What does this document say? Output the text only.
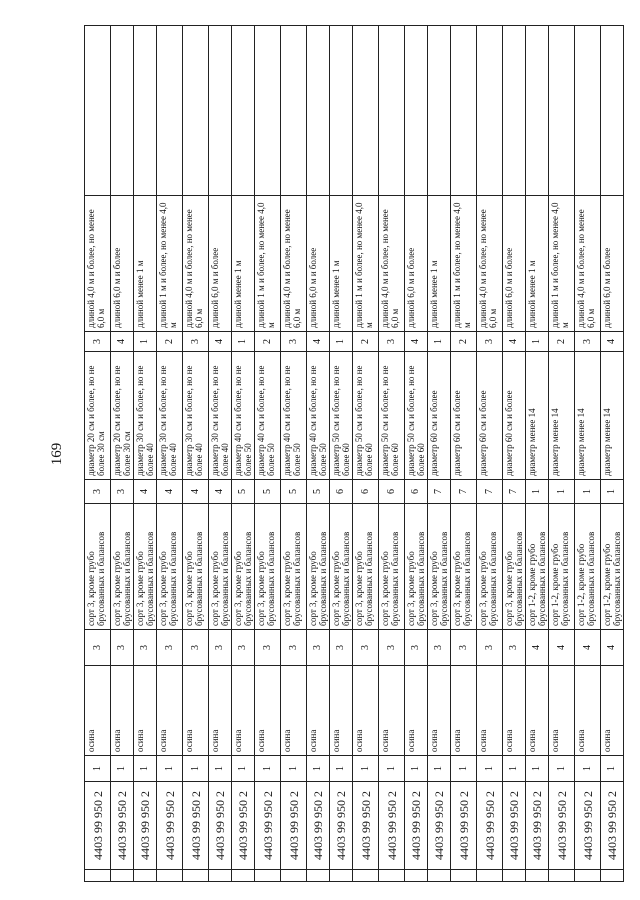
169
	4403 99 950 2	1	осина	3	сорт 3, кроме грубо брусованных и балансов	3	диаметр 20 см и более, но не более 30 см	3	длиной 4,0 м и более, но менее 6,0 м	
	4403 99 950 2	1	осина	3	сорт 3, кроме грубо брусованных и балансов	3	диаметр 20 см и более, но не более 30 см	4	длиной 6,0 м и более	
	4403 99 950 2	1	осина	3	сорт 3, кроме грубо брусованных и балансов	4	диаметр 30 см и более, но не более 40	1	длиной менее 1 м	
	4403 99 950 2	1	осина	3	сорт 3, кроме грубо брусованных и балансов	4	диаметр 30 см и более, но не более 40	2	длиной 1 м и более, но менее 4,0 м	
	4403 99 950 2	1	осина	3	сорт 3, кроме грубо брусованных и балансов	4	диаметр 30 см и более, но не более 40	3	длиной 4,0 м и более, но менее 6,0 м	
	4403 99 950 2	1	осина	3	сорт 3, кроме грубо брусованных и балансов	4	диаметр 30 см и более, но не более 40	4	длиной 6,0 м и более	
	4403 99 950 2	1	осина	3	сорт 3, кроме грубо брусованных и балансов	5	диаметр 40 см и более, но не более 50	1	длиной менее 1 м	
	4403 99 950 2	1	осина	3	сорт 3, кроме грубо брусованных и балансов	5	диаметр 40 см и более, но не более 50	2	длиной 1 м и более, но менее 4,0 м	
	4403 99 950 2	1	осина	3	сорт 3, кроме грубо брусованных и балансов	5	диаметр 40 см и более, но не более 50	3	длиной 4,0 м и более, но менее 6,0 м	
	4403 99 950 2	1	осина	3	сорт 3, кроме грубо брусованных и балансов	5	диаметр 40 см и более, но не более 50	4	длиной 6,0 м и более	
	4403 99 950 2	1	осина	3	сорт 3, кроме грубо брусованных и балансов	6	диаметр 50 см и более, но не более 60	1	длиной менее 1 м	
	4403 99 950 2	1	осина	3	сорт 3, кроме грубо брусованных и балансов	6	диаметр 50 см и более, но не более 60	2	длиной 1 м и более, но менее 4,0 м	
	4403 99 950 2	1	осина	3	сорт 3, кроме грубо брусованных и балансов	6	диаметр 50 см и более, но не более 60	3	длиной 4,0 м и более, но менее 6,0 м	
	4403 99 950 2	1	осина	3	сорт 3, кроме грубо брусованных и балансов	6	диаметр 50 см и более, но не более 60	4	длиной 6,0 м и более	
	4403 99 950 2	1	осина	3	сорт 3, кроме грубо брусованных и балансов	7	диаметр 60 см и более	1	длиной менее 1 м	
	4403 99 950 2	1	осина	3	сорт 3, кроме грубо брусованных и балансов	7	диаметр 60 см и более	2	длиной 1 м и более, но менее 4,0 м	
	4403 99 950 2	1	осина	3	сорт 3, кроме грубо брусованных и балансов	7	диаметр 60 см и более	3	длиной 4,0 м и более, но менее 6,0 м	
	4403 99 950 2	1	осина	3	сорт 3, кроме грубо брусованных и балансов	7	диаметр 60 см и более	4	длиной 6,0 м и более	
	4403 99 950 2	1	осина	4	сорт 1-2, кроме грубо брусованных и балансов	1	диаметр менее 14	1	длиной менее 1 м	
	4403 99 950 2	1	осина	4	сорт 1-2, кроме грубо брусованных и балансов	1	диаметр менее 14	2	длиной 1 м и более, но менее 4,0 м	
	4403 99 950 2	1	осина	4	сорт 1-2, кроме грубо брусованных и балансов	1	диаметр менее 14	3	длиной 4,0 м и более, но менее 6,0 м	
	4403 99 950 2	1	осина	4	сорт 1-2, кроме грубо брусованных и балансов	1	диаметр менее 14	4	длиной 6,0 м и более	
